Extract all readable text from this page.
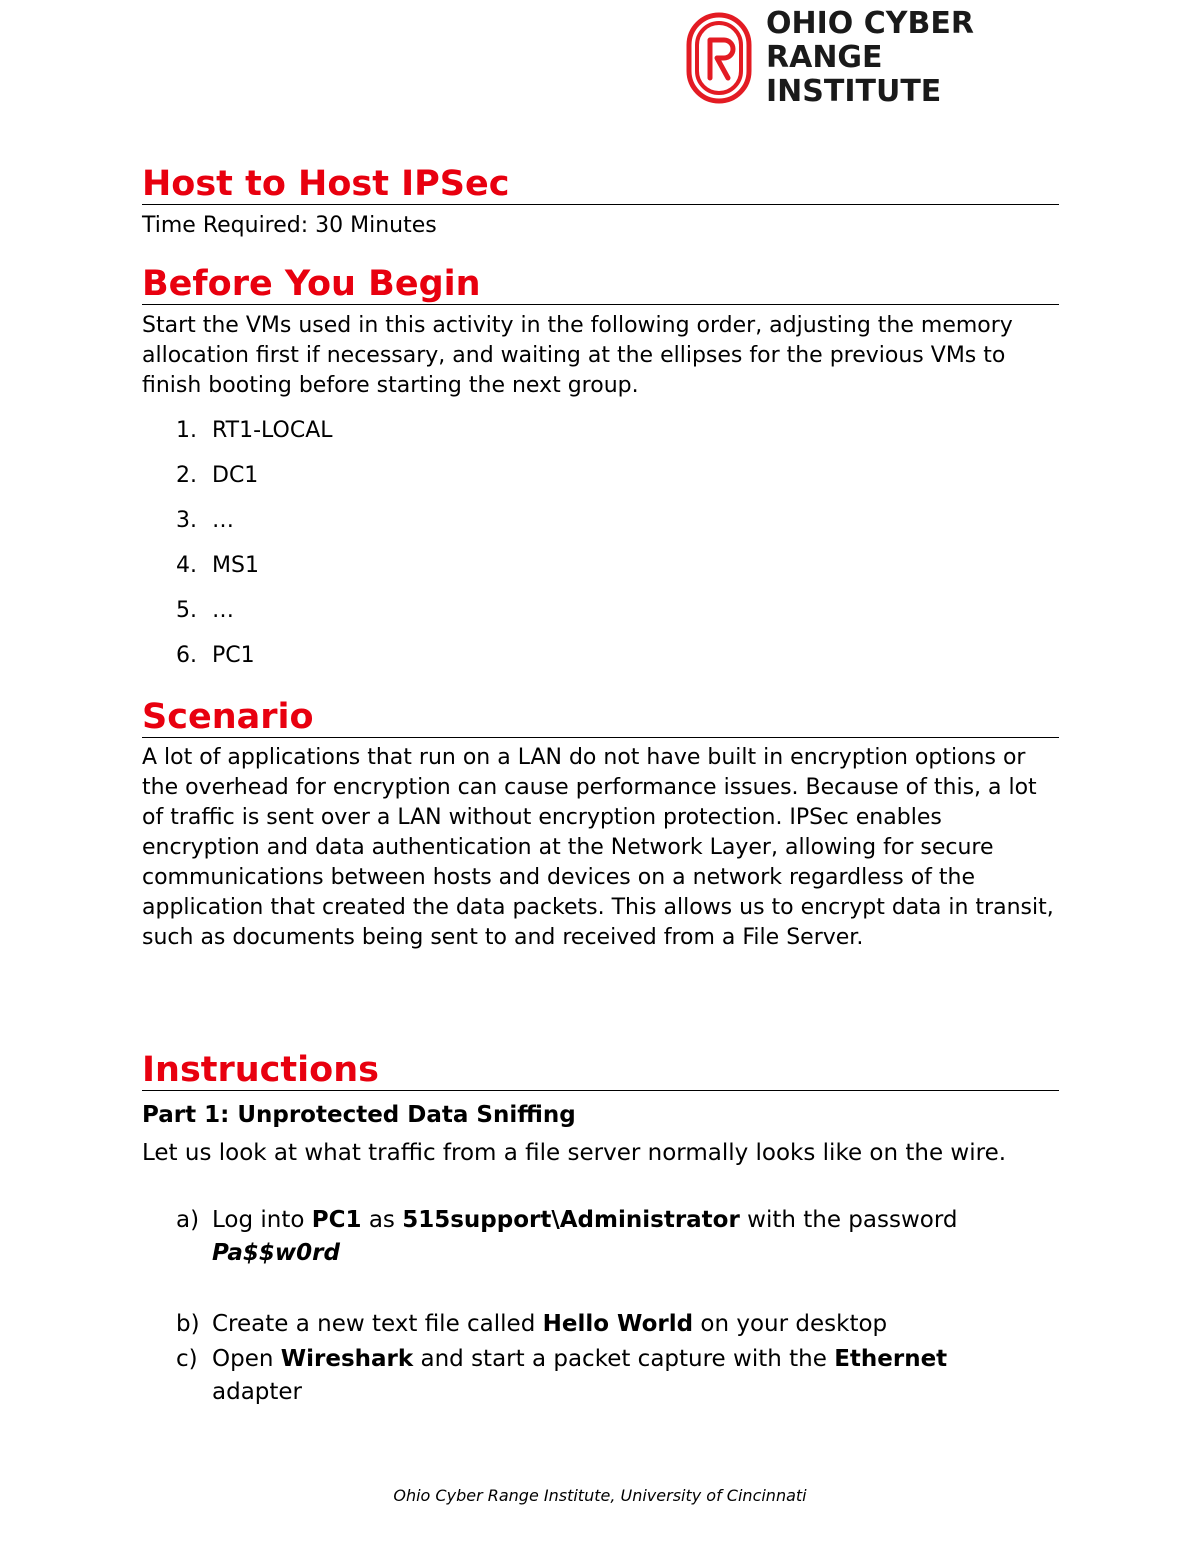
OHIO CYBER
RANGE INSTITUTE
Host to Host IPSec
Time Required: 30 Minutes
Before You Begin
Start the VMs used in this activity in the following order, adjusting the memory allocation first if necessary, and waiting at the ellipses for the previous VMs to finish booting before starting the next group.
1. RT1-LOCAL
2. DC1
3. …
4. MS1
5. …
6. PC1
Scenario
A lot of applications that run on a LAN do not have built in encryption options or the overhead for encryption can cause performance issues. Because of this, a lot of traffic is sent over a LAN without encryption protection. IPSec enables encryption and data authentication at the Network Layer, allowing for secure communications between hosts and devices on a network regardless of the application that created the data packets. This allows us to encrypt data in transit, such as documents being sent to and received from a File Server.
Instructions
Part 1: Unprotected Data Sniffing
Let us look at what traffic from a file server normally looks like on the wire.
a) Log into PC1 as 515support\Administrator with the password
Pa$$w0rd
b) Create a new text file called Hello World on your desktop
c) Open Wireshark and start a packet capture with the Ethernet
adapter
Ohio Cyber Range Institute, University of Cincinnati
